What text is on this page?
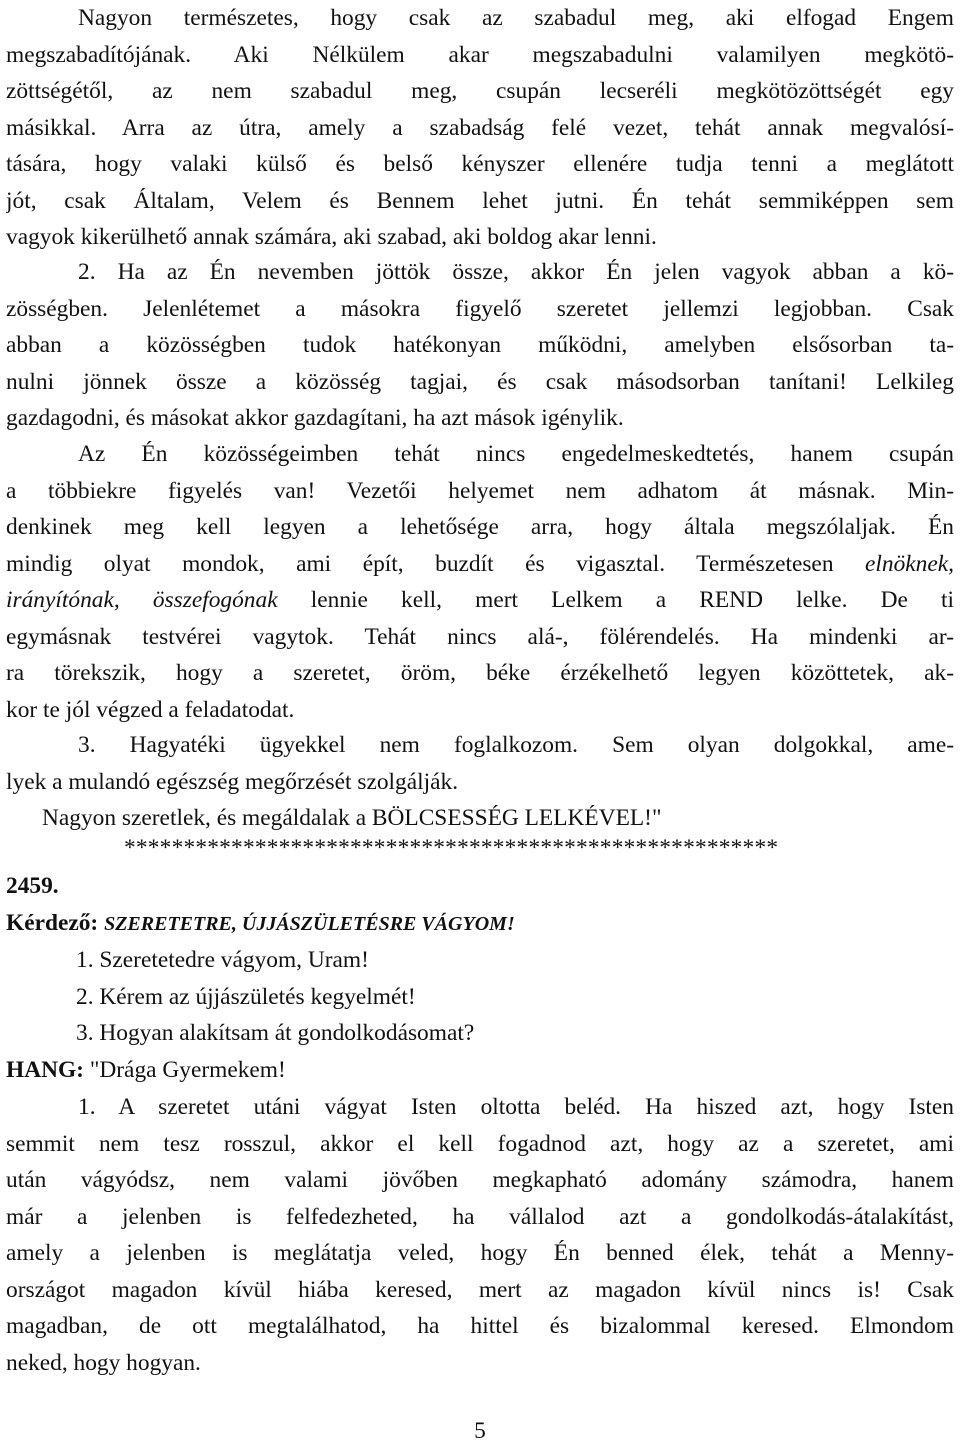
Nagyon természetes, hogy csak az szabadul meg, aki elfogad Engem
megszabadítójának. Aki Nélkülem akar megszabadulni valamilyen megkötö-
zöttségétől, az nem szabadul meg, csupán lecseréli megkötözöttségét egy
másikkal. Arra az útra, amely a szabadság felé vezet, tehát annak megvalósí-
tására, hogy valaki külső és belső kényszer ellenére tudja tenni a meglátott
jót, csak Általam, Velem és Bennem lehet jutni. Én tehát semmiképpen sem
vagyok kikerülhető annak számára, aki szabad, aki boldog akar lenni.
2. Ha az Én nevemben jöttök össze, akkor Én jelen vagyok abban a kö-
zösségben. Jelenlétemet a másokra figyelő szeretet jellemzi legjobban. Csak
abban a közösségben tudok hatékonyan működni, amelyben elsősorban ta-
nulni jönnek össze a közösség tagjai, és csak másodsorban tanítani! Lelkileg
gazdagodni, és másokat akkor gazdagítani, ha azt mások igénylik.
Az Én közösségeimben tehát nincs engedelmeskedtetés, hanem csupán
a többiekre figyelés van! Vezetői helyemet nem adhatom át másnak. Min-
denkinek meg kell legyen a lehetősége arra, hogy általa megszólaljak. Én
mindig olyat mondok, ami épít, buzdít és vigasztal. Természetesen elnöknek,
irányítónak, összefogónak lennie kell, mert Lelkem a REND lelke. De ti
egymásnak testvérei vagytok. Tehát nincs alá-, fölérendelés. Ha mindenki ar-
ra törekszik, hogy a szeretet, öröm, béke érzékelhető legyen közöttetek, ak-
kor te jól végzed a feladatodat.
3. Hagyatéki ügyekkel nem foglalkozom. Sem olyan dolgokkal, ame-
lyek a mulandó egészség megőrzését szolgálják.
Nagyon szeretlek, és megáldalak a BÖLCSESSÉG LELKÉVEL!"
*******************************************************
2459.
Kérdező: SZERETETRE, ÚJJÁSZÜLETÉSRE VÁGYOM!
1. Szeretetedre vágyom, Uram!
2. Kérem az újjászületés kegyelmét!
3. Hogyan alakítsam át gondolkodásomat?
HANG: "Drága Gyermekem!
1. A szeretet utáni vágyat Isten oltotta beléd. Ha hiszed azt, hogy Isten
semmit nem tesz rosszul, akkor el kell fogadnod azt, hogy az a szeretet, ami
után vágyódsz, nem valami jövőben megkapható adomány számodra, hanem
már a jelenben is felfedezheted, ha vállalod azt a gondolkodás-átalakítást,
amely a jelenben is meglátatja veled, hogy Én benned élek, tehát a Menny-
országot magadon kívül hiába keresed, mert az magadon kívül nincs is! Csak
magadban, de ott megtalálhatod, ha hittel és bizalommal keresed. Elmondom
neked, hogy hogyan.
5
